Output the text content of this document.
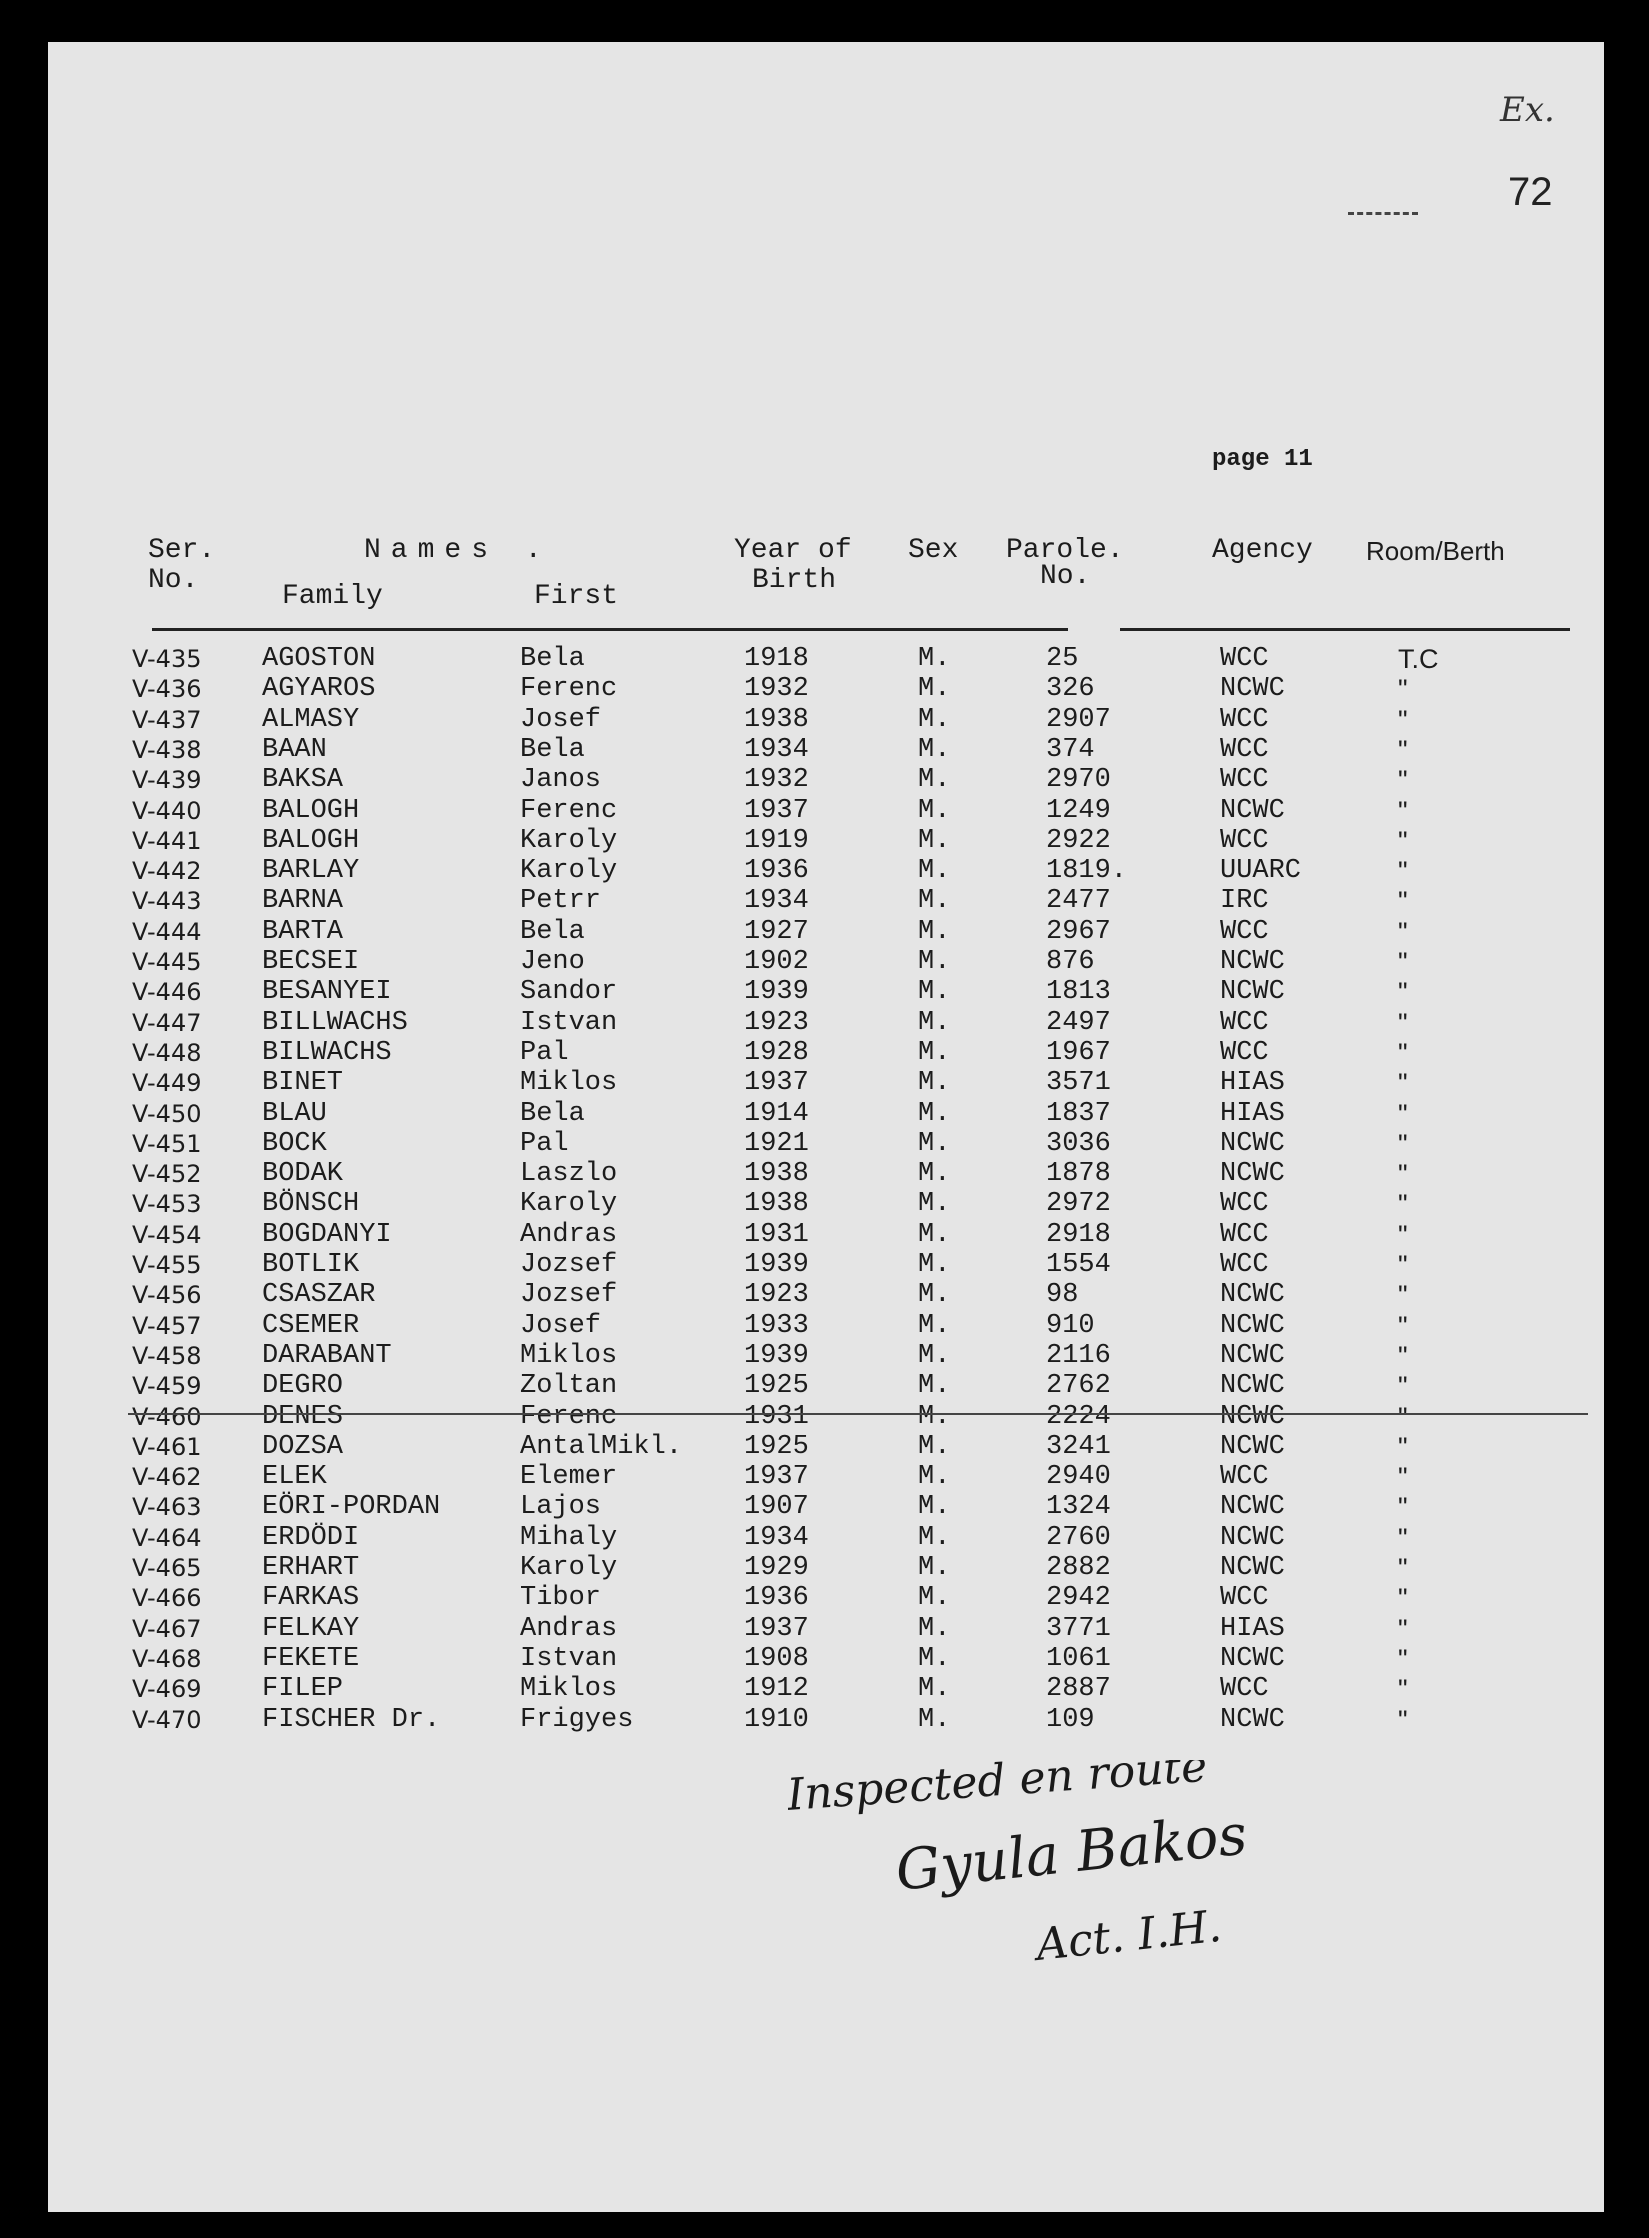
Ex.
72
page 11
Ser.
No.
Names .
Family	First
Year of
Birth
Sex Parole.
No.
Agency Room/Berth
V-435 AGOSTON	Bela	1918	M.	25	WCC	T.C
V-436 AGYAROS	Ferenc	1932	M.	326	NCWC	"
V-437 ALMASY	Josef	1938	M.	2907	WCC	"
V-438 BAAN	Bela	1934	M.	374	WCC	"
V-439 BAKSA	Janos	1932	M.	2970	WCC	"
V-440 BALOGH	Ferenc	1937	M.	1249	NCWC	"
V-441 BALOGH	Karoly	1919	M.	2922	WCC	"
V-442 BARLAY	Karoly	1936	M.	1819.	UUARC	"
V-443 BARNA	Petrr	1934	M.	2477	IRC	"
V-444 BARTA	Bela	1927	M.	2967	WCC	"
V-445 BECSEI	Jeno	1902	M.	876	NCWC	"
V-446 BESANYEI	Sandor	1939	M.	1813	NCWC	"
V-447 BILLWACHS	Istvan	1923	M.	2497	WCC	"
V-448 BILWACHS	Pal	1928	M.	1967	WCC	"
V-449 BINET	Miklos	1937	M.	3571	HIAS	"
V-450 BLAU	Bela	1914	M.	1837	HIAS	"
V-451 BOCK	Pal	1921	M.	3036	NCWC	"
V-452 BODAK	Laszlo	1938	M.	1878	NCWC	"
V-453 BÖNSCH	Karoly	1938	M.	2972	WCC	"
V-454 BOGDANYI	Andras	1931	M.	2918	WCC	"
V-455 BOTLIK	Jozsef	1939	M.	1554	WCC	"
V-456 CSASZAR	Jozsef	1923	M.	98	NCWC	"
V-457 CSEMER	Josef	1933	M.	910	NCWC	"
V-458 DARABANT	Miklos	1939	M.	2116	NCWC	"
V-459 DEGRO	Zoltan	1925	M.	2762	NCWC	"
V-460 DENES	Ferenc	1931	M.	2224	NCWC	"
V-461 DOZSA	AntalMikl. 1925	M.	3241	NCWC	"
V-462 ELEK	Elemer	1937	M.	2940	WCC	"
V-463 EÖRI-PORDAN	Lajos	1907	M.	1324	NCWC	"
V-464 ERDÖDI	Mihaly	1934	M.	2760	NCWC	"
V-465 ERHART	Karoly	1929	M.	2882	NCWC	"
V-466 FARKAS	Tibor	1936	M.	2942	WCC	"
V-467 FELKAY	Andras	1937	M.	3771	HIAS	"
V-468 FEKETE	Istvan	1908	M.	1061	NCWC	"
V-469 FILEP	Miklos	1912	M.	2887	WCC	"
V-470 FISCHER Dr.	Frigyes	1910	M.	109	NCWC	"
Inspected en route
Gyula Bakos
Act. I.H.
